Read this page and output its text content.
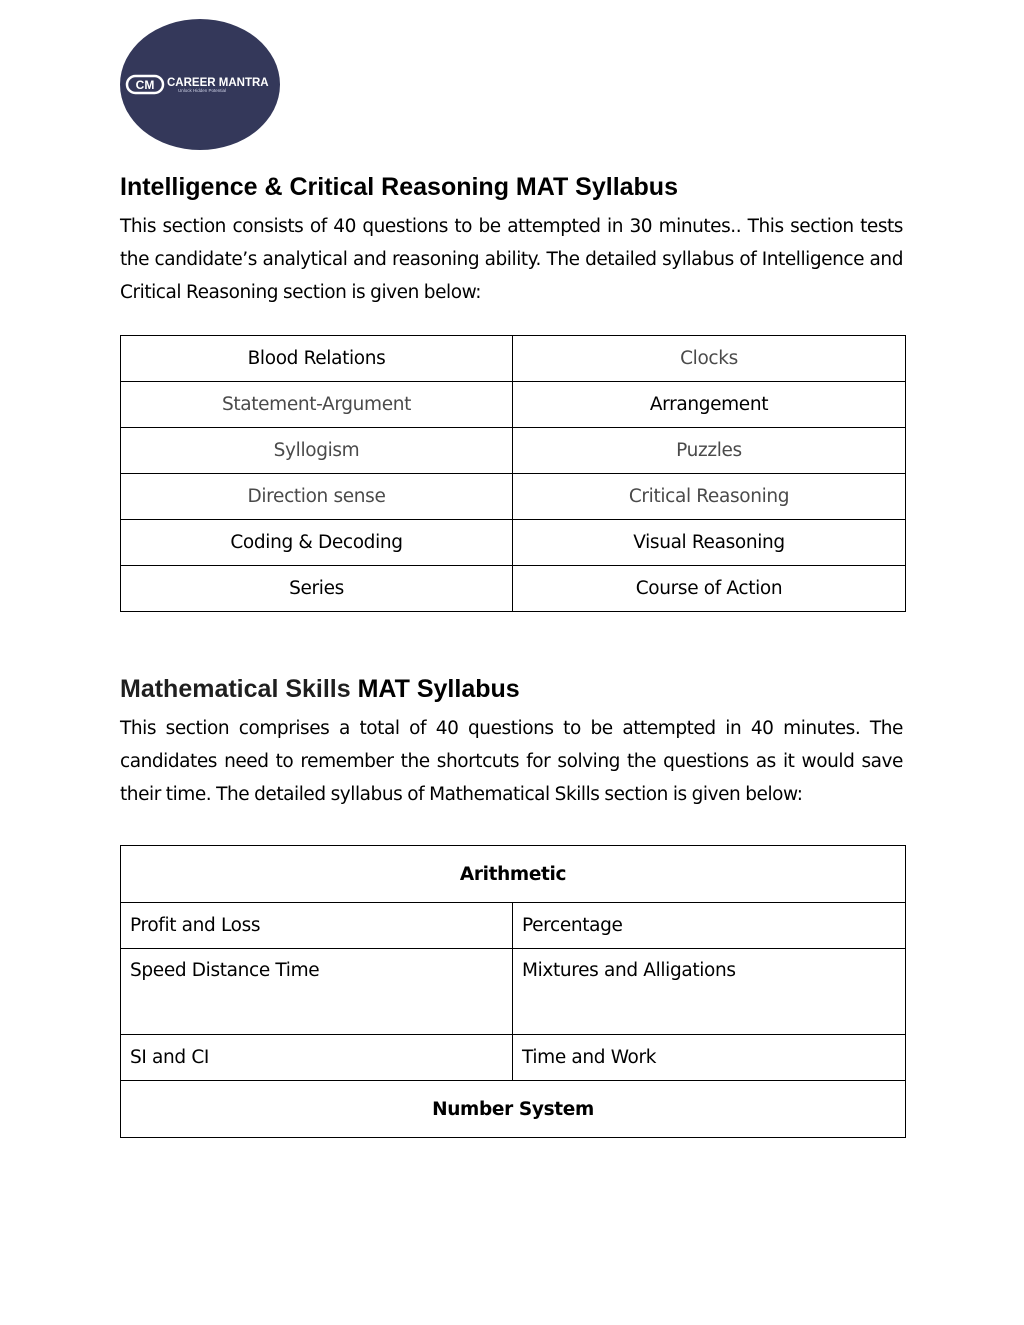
CM CAREER MANTRA
Unlock Hidden Potential
Intelligence & Critical Reasoning MAT Syllabus

This section consists of 40 questions to be attempted in 30 minutes.. This section tests the candidate’s analytical and reasoning ability. The detailed syllabus of Intelligence and Critical Reasoning section is given below:

Blood Relations	Clocks
Statement-Argument	Arrangement
Syllogism	Puzzles
Direction sense	Critical Reasoning
Coding & Decoding	Visual Reasoning
Series	Course of Action
Mathematical Skills MAT Syllabus

This section comprises a total of 40 questions to be attempted in 40 minutes. The candidates need to remember the shortcuts for solving the questions as it would save their time. The detailed syllabus of Mathematical Skills section is given below:

Arithmetic	
Profit and Loss	Percentage
Speed Distance Time	Mixtures and Alligations
SI and CI	Time and Work
Number System	
